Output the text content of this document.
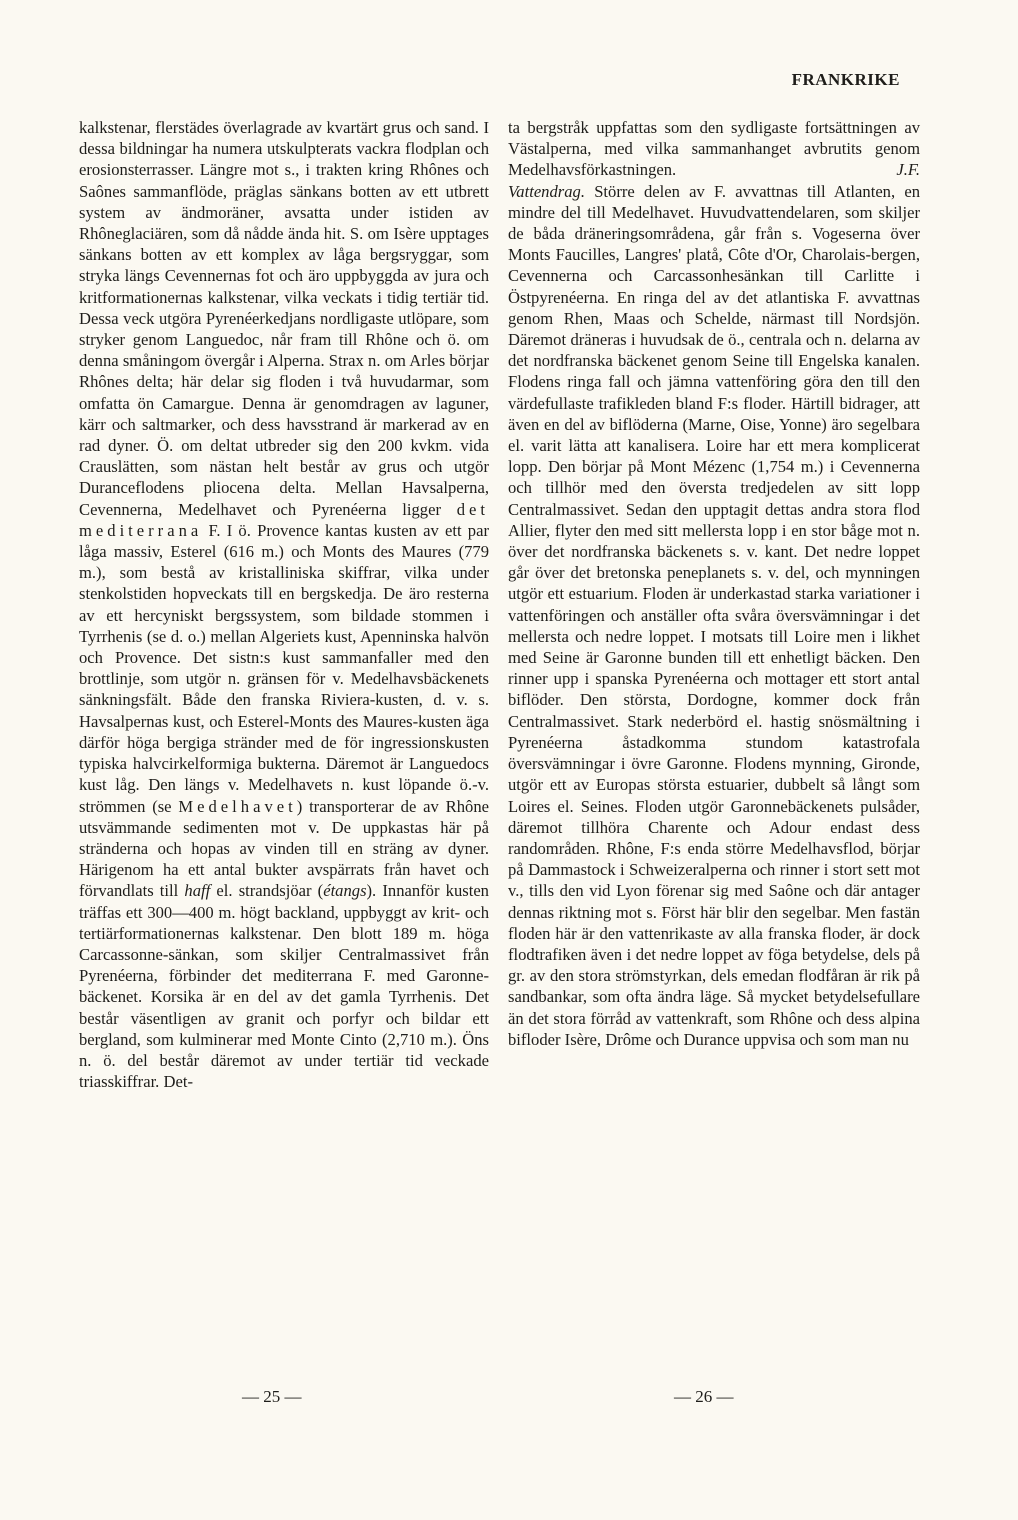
FRANKRIKE

kalkstenar, flerstädes överlagrade av kvartärt grus och sand. I dessa bildningar ha numera utskulpterats vackra flodplan och erosionsterrasser. Längre mot s., i trakten kring Rhônes och Saônes sammanflöde, präglas sänkans botten av ett utbrett system av ändmoräner, avsatta under istiden av Rhôneglaciären, som då nådde ända hit. S. om Isère upptages sänkans botten av ett komplex av låga bergsryggar, som stryka längs Cevennernas fot och äro uppbyggda av jura och kritformationernas kalkstenar, vilka veckats i tidig tertiär tid. Dessa veck utgöra Pyrenéerkedjans nordligaste utlöpare, som stryker genom Languedoc, når fram till Rhône och ö. om denna småningom övergår i Alperna. Strax n. om Arles börjar Rhônes delta; här delar sig floden i två huvudarmar, som omfatta ön Camargue. Denna är genomdragen av laguner, kärr och saltmarker, och dess havsstrand är markerad av en rad dyner. Ö. om deltat utbreder sig den 200 kvkm. vida Crauslätten, som nästan helt består av grus och utgör Duranceflodens pliocena delta. Mellan Havsalperna, Cevennerna, Medelhavet och Pyrenéerna ligger det mediterrana F. I ö. Provence kantas kusten av ett par låga massiv, Esterel (616 m.) och Monts des Maures (779 m.), som bestå av kristalliniska skiffrar, vilka under stenkolstiden hopveckats till en bergskedja. De äro resterna av ett hercyniskt bergssystem, som bildade stommen i Tyrrhenis (se d. o.) mellan Algeriets kust, Apenninska halvön och Provence. Det sistn:s kust sammanfaller med den brottlinje, som utgör n. gränsen för v. Medelhavsbäckenets sänkningsfält. Både den franska Riviera-kusten, d. v. s. Havsalpernas kust, och Esterel-Monts des Maures-kusten äga därför höga bergiga stränder med de för ingressionskusten typiska halvcirkelformiga bukterna. Däremot är Languedocs kust låg. Den längs v. Medelhavets n. kust löpande ö.-v. strömmen (se Medelhavet) transporterar de av Rhône utsvämmande sedimenten mot v. De uppkastas här på stränderna och hopas av vinden till en sträng av dyner. Härigenom ha ett antal bukter avspärrats från havet och förvandlats till haff el. strandsjöar (étangs). Innanför kusten träffas ett 300—400 m. högt backland, uppbyggt av krit- och tertiärformationernas kalkstenar. Den blott 189 m. höga Carcassonne-sänkan, som skiljer Centralmassivet från Pyrenéerna, förbinder det mediterrana F. med Garonne-bäckenet. Korsika är en del av det gamla Tyrrhenis. Det består väsentligen av granit och porfyr och bildar ett bergland, som kulminerar med Monte Cinto (2,710 m.). Öns n. ö. del består däremot av under tertiär tid veckade triasskiffrar. Det-

ta bergstråk uppfattas som den sydligaste fortsättningen av Västalperna, med vilka sammanhanget avbrutits genom Medelhavsförkastningen.	J.F.

Vattendrag. Större delen av F. avvattnas till Atlanten, en mindre del till Medelhavet. Huvudvattendelaren, som skiljer de båda dräneringsområdena, går från s. Vogeserna över Monts Faucilles, Langres' platå, Côte d'Or, Charolais-bergen, Cevennerna och Carcassonhesänkan till Carlitte i Östpyrenéerna. En ringa del av det atlantiska F. avvattnas genom Rhen, Maas och Schelde, närmast till Nordsjön. Däremot dräneras i huvudsak de ö., centrala och n. delarna av det nordfranska bäckenet genom Seine till Engelska kanalen. Flodens ringa fall och jämna vattenföring göra den till den värdefullaste trafikleden bland F:s floder. Härtill bidrager, att även en del av biflöderna (Marne, Oise, Yonne) äro segelbara el. varit lätta att kanalisera. Loire har ett mera komplicerat lopp. Den börjar på Mont Mézenc (1,754 m.) i Cevennerna och tillhör med den översta tredjedelen av sitt lopp Centralmassivet. Sedan den upptagit dettas andra stora flod Allier, flyter den med sitt mellersta lopp i en stor båge mot n. över det nordfranska bäckenets s. v. kant. Det nedre loppet går över det bretonska peneplanets s. v. del, och mynningen utgör ett estuarium. Floden är underkastad starka variationer i vattenföringen och anställer ofta svåra översvämningar i det mellersta och nedre loppet. I motsats till Loire men i likhet med Seine är Garonne bunden till ett enhetligt bäcken. Den rinner upp i spanska Pyrenéerna och mottager ett stort antal biflöder. Den största, Dordogne, kommer dock från Centralmassivet. Stark nederbörd el. hastig snösmältning i Pyrenéerna åstadkomma stundom katastrofala översvämningar i övre Garonne. Flodens mynning, Gironde, utgör ett av Europas största estuarier, dubbelt så långt som Loires el. Seines. Floden utgör Garonnebäckenets pulsåder, däremot tillhöra Charente och Adour endast dess randområden. Rhône, F:s enda större Medelhavsflod, börjar på Dammastock i Schweizeralperna och rinner i stort sett mot v., tills den vid Lyon förenar sig med Saône och där antager dennas riktning mot s. Först här blir den segelbar. Men fastän floden här är den vattenrikaste av alla franska floder, är dock flodtrafiken även i det nedre loppet av föga betydelse, dels på gr. av den stora strömstyrkan, dels emedan flodfåran är rik på sandbankar, som ofta ändra läge. Så mycket betydelsefullare än det stora förråd av vattenkraft, som Rhône och dess alpina bifloder Isère, Drôme och Durance uppvisa och som man nu

— 25 —	— 26 —
